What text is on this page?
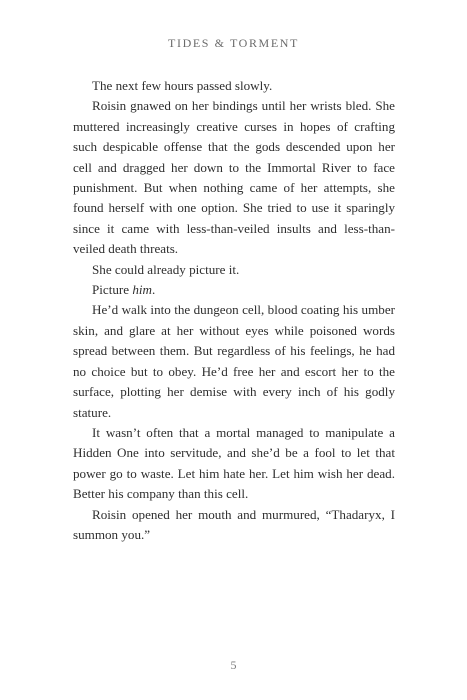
TIDES & TORMENT

The next few hours passed slowly.

Roisin gnawed on her bindings until her wrists bled. She muttered increasingly creative curses in hopes of crafting such despicable offense that the gods descended upon her cell and dragged her down to the Immortal River to face punishment. But when nothing came of her attempts, she found herself with one option. She tried to use it sparingly since it came with less-than-veiled insults and less-than-veiled death threats.

She could already picture it.

Picture him.

He’d walk into the dungeon cell, blood coating his umber skin, and glare at her without eyes while poisoned words spread between them. But regardless of his feelings, he had no choice but to obey. He’d free her and escort her to the surface, plotting her demise with every inch of his godly stature.

It wasn’t often that a mortal managed to manipulate a Hidden One into servitude, and she’d be a fool to let that power go to waste. Let him hate her. Let him wish her dead. Better his company than this cell.

Roisin opened her mouth and murmured, “Thadaryx, I summon you.”

5
